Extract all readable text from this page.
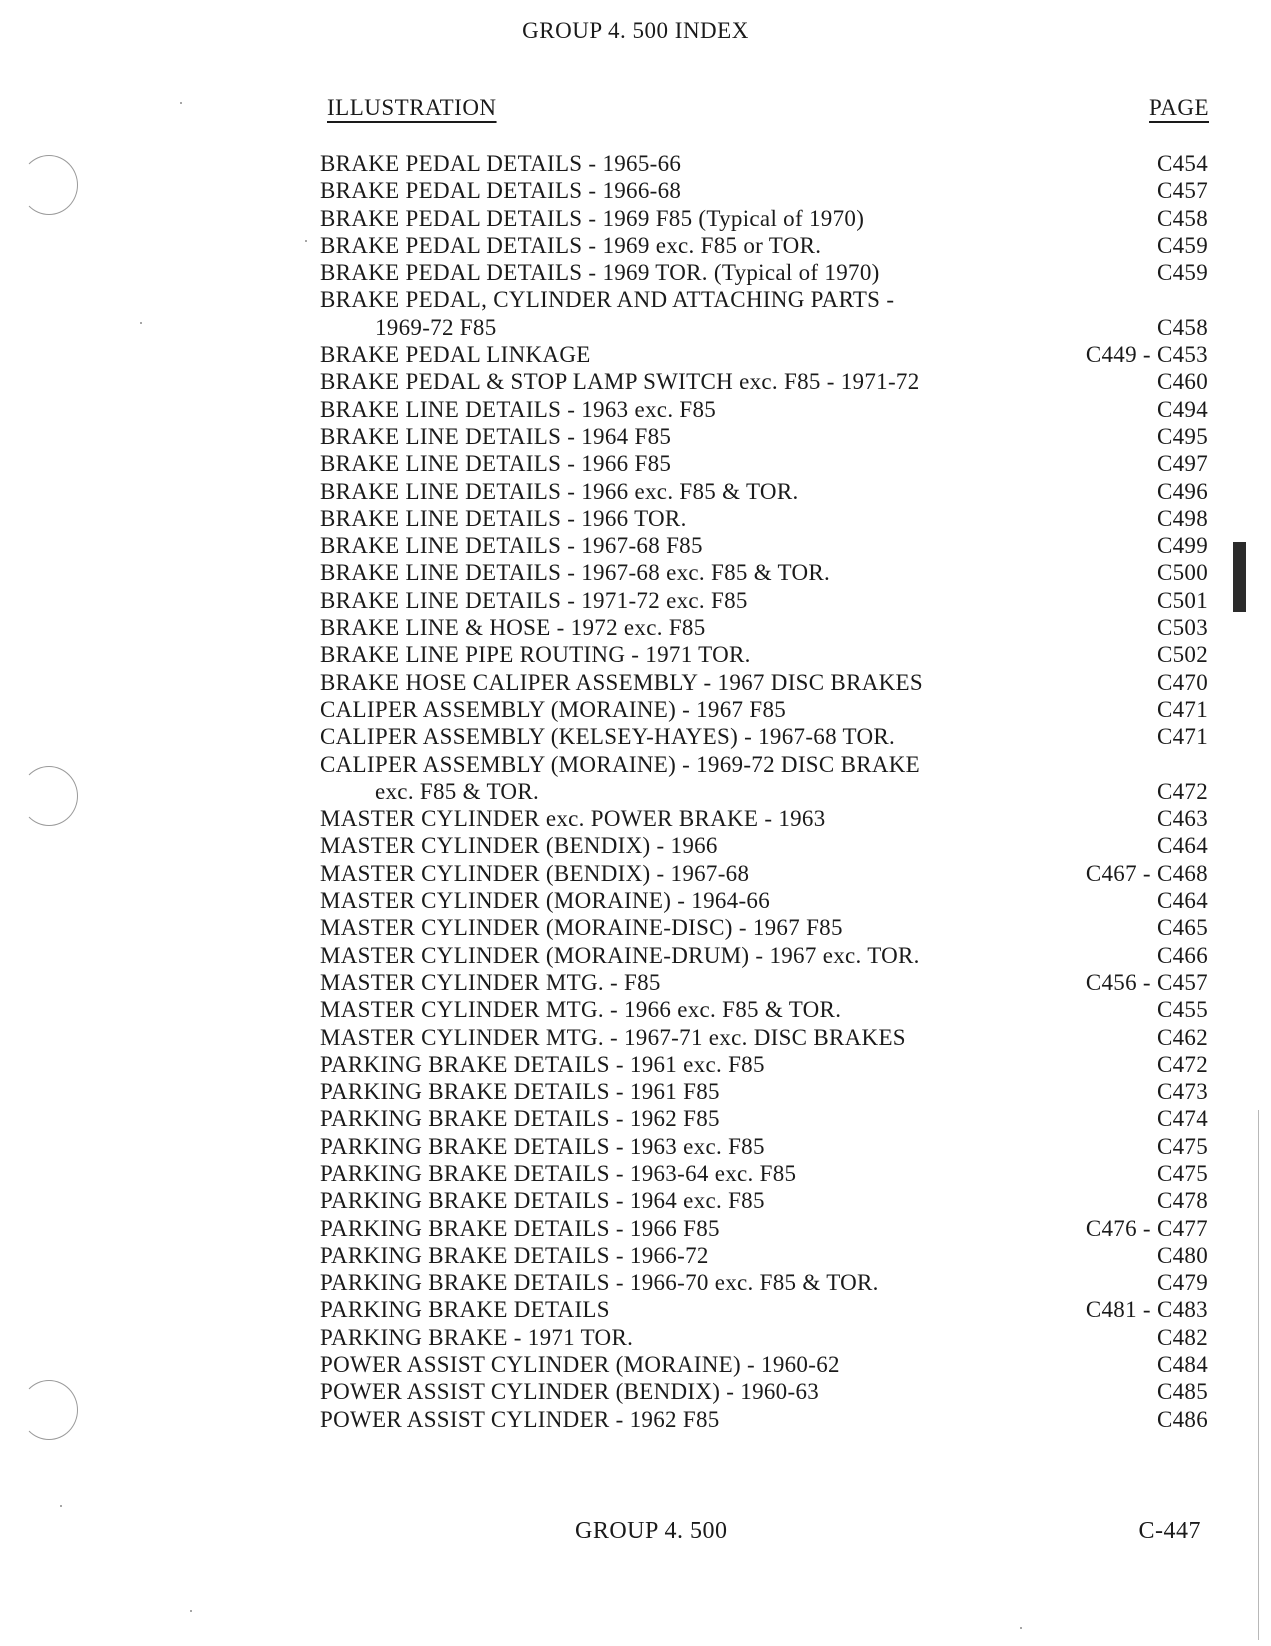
GROUP 4. 500 INDEX
ILLUSTRATION	PAGE
BRAKE PEDAL DETAILS - 1965-66	C454
BRAKE PEDAL DETAILS - 1966-68	C457
BRAKE PEDAL DETAILS - 1969 F85 (Typical of 1970)	C458
BRAKE PEDAL DETAILS - 1969 exc. F85 or TOR.	C459
BRAKE PEDAL DETAILS - 1969 TOR. (Typical of 1970)	C459
BRAKE PEDAL, CYLINDER AND ATTACHING PARTS -
1969-72 F85	C458
BRAKE PEDAL LINKAGE	C449 - C453
BRAKE PEDAL & STOP LAMP SWITCH exc. F85 - 1971-72	C460
BRAKE LINE DETAILS - 1963 exc. F85	C494
BRAKE LINE DETAILS - 1964 F85	C495
BRAKE LINE DETAILS - 1966 F85	C497
BRAKE LINE DETAILS - 1966 exc. F85 & TOR.	C496
BRAKE LINE DETAILS - 1966 TOR.	C498
BRAKE LINE DETAILS - 1967-68 F85	C499
BRAKE LINE DETAILS - 1967-68 exc. F85 & TOR.	C500
BRAKE LINE DETAILS - 1971-72 exc. F85	C501
BRAKE LINE & HOSE - 1972 exc. F85	C503
BRAKE LINE PIPE ROUTING - 1971 TOR.	C502
BRAKE HOSE CALIPER ASSEMBLY - 1967 DISC BRAKES	C470
CALIPER ASSEMBLY (MORAINE) - 1967 F85	C471
CALIPER ASSEMBLY (KELSEY-HAYES) - 1967-68 TOR.	C471
CALIPER ASSEMBLY (MORAINE) - 1969-72 DISC BRAKE
exc. F85 & TOR.	C472
MASTER CYLINDER exc. POWER BRAKE - 1963	C463
MASTER CYLINDER (BENDIX) - 1966	C464
MASTER CYLINDER (BENDIX) - 1967-68	C467 - C468
MASTER CYLINDER (MORAINE) - 1964-66	C464
MASTER CYLINDER (MORAINE-DISC) - 1967 F85	C465
MASTER CYLINDER (MORAINE-DRUM) - 1967 exc. TOR.	C466
MASTER CYLINDER MTG. - F85	C456 - C457
MASTER CYLINDER MTG. - 1966 exc. F85 & TOR.	C455
MASTER CYLINDER MTG. - 1967-71 exc. DISC BRAKES	C462
PARKING BRAKE DETAILS - 1961 exc. F85	C472
PARKING BRAKE DETAILS - 1961 F85	C473
PARKING BRAKE DETAILS - 1962 F85	C474
PARKING BRAKE DETAILS - 1963 exc. F85	C475
PARKING BRAKE DETAILS - 1963-64 exc. F85	C475
PARKING BRAKE DETAILS - 1964 exc. F85	C478
PARKING BRAKE DETAILS - 1966 F85	C476 - C477
PARKING BRAKE DETAILS - 1966-72	C480
PARKING BRAKE DETAILS - 1966-70 exc. F85 & TOR.	C479
PARKING BRAKE DETAILS	C481 - C483
PARKING BRAKE - 1971 TOR.	C482
POWER ASSIST CYLINDER (MORAINE) - 1960-62	C484
POWER ASSIST CYLINDER (BENDIX) - 1960-63	C485
POWER ASSIST CYLINDER - 1962 F85	C486
GROUP 4. 500	C-447
